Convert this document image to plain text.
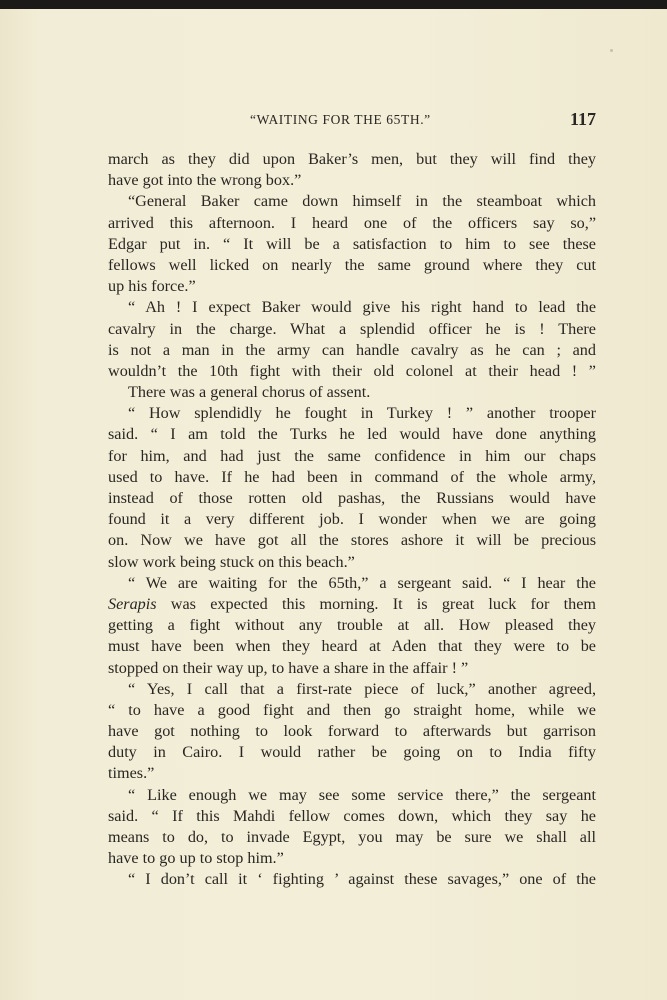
“WAITING FOR THE 65TH.”	117
march as they did upon Baker’s men, but they will find they
have got into the wrong box.”
“General Baker came down himself in the steamboat which
arrived this afternoon. I heard one of the officers say so,”
Edgar put in. “ It will be a satisfaction to him to see these
fellows well licked on nearly the same ground where they cut
up his force.”
“ Ah ! I expect Baker would give his right hand to lead the
cavalry in the charge. What a splendid officer he is ! There
is not a man in the army can handle cavalry as he can ; and
wouldn’t the 10th fight with their old colonel at their head ! ”
There was a general chorus of assent.
“ How splendidly he fought in Turkey ! ” another trooper
said. “ I am told the Turks he led would have done anything
for him, and had just the same confidence in him our chaps
used to have. If he had been in command of the whole army,
instead of those rotten old pashas, the Russians would have
found it a very different job. I wonder when we are going
on. Now we have got all the stores ashore it will be precious
slow work being stuck on this beach.”
“ We are waiting for the 65th,” a sergeant said. “ I hear the
Serapis was expected this morning. It is great luck for them
getting a fight without any trouble at all. How pleased they
must have been when they heard at Aden that they were to be
stopped on their way up, to have a share in the affair ! ”
“ Yes, I call that a first-rate piece of luck,” another agreed,
“ to have a good fight and then go straight home, while we
have got nothing to look forward to afterwards but garrison
duty in Cairo. I would rather be going on to India fifty
times.”
“ Like enough we may see some service there,” the sergeant
said. “ If this Mahdi fellow comes down, which they say he
means to do, to invade Egypt, you may be sure we shall all
have to go up to stop him.”
“ I don’t call it ‘ fighting ’ against these savages,” one of the
